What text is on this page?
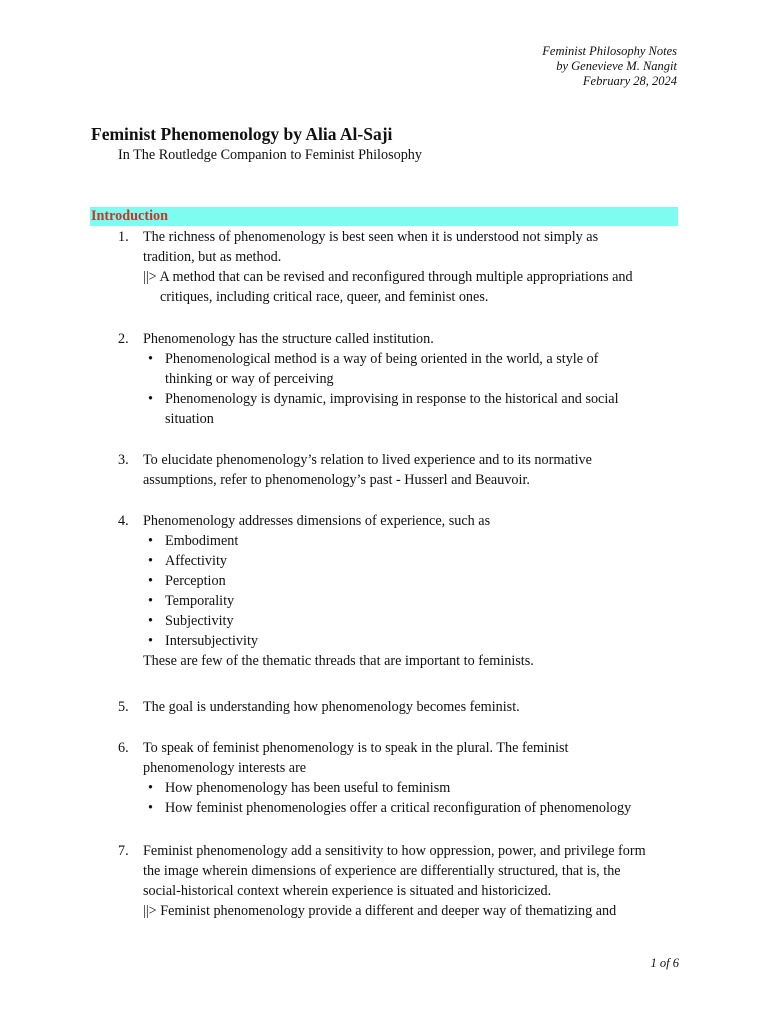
Feminist Philosophy Notes
by Genevieve M. Nangit
February 28, 2024
Feminist Phenomenology by Alia Al-Saji
In The Routledge Companion to Feminist Philosophy
Introduction
1. The richness of phenomenology is best seen when it is understood not simply as
tradition, but as method.
||> A method that can be revised and reconfigured through multiple appropriations and
critiques, including critical race, queer, and feminist ones.
2. Phenomenology has the structure called institution.
• Phenomenological method is a way of being oriented in the world, a style of
thinking or way of perceiving
• Phenomenology is dynamic, improvising in response to the historical and social
situation
3. To elucidate phenomenology’s relation to lived experience and to its normative
assumptions, refer to phenomenology’s past - Husserl and Beauvoir.
4. Phenomenology addresses dimensions of experience, such as
• Embodiment
• Affectivity
• Perception
• Temporality
• Subjectivity
• Intersubjectivity
These are few of the thematic threads that are important to feminists.
5. The goal is understanding how phenomenology becomes feminist.
6. To speak of feminist phenomenology is to speak in the plural. The feminist
phenomenology interests are
• How phenomenology has been useful to feminism
• How feminist phenomenologies offer a critical reconfiguration of phenomenology
7. Feminist phenomenology add a sensitivity to how oppression, power, and privilege form
the image wherein dimensions of experience are differentially structured, that is, the
social-historical context wherein experience is situated and historicized.
||> Feminist phenomenology provide a different and deeper way of thematizing and
1 of 6
